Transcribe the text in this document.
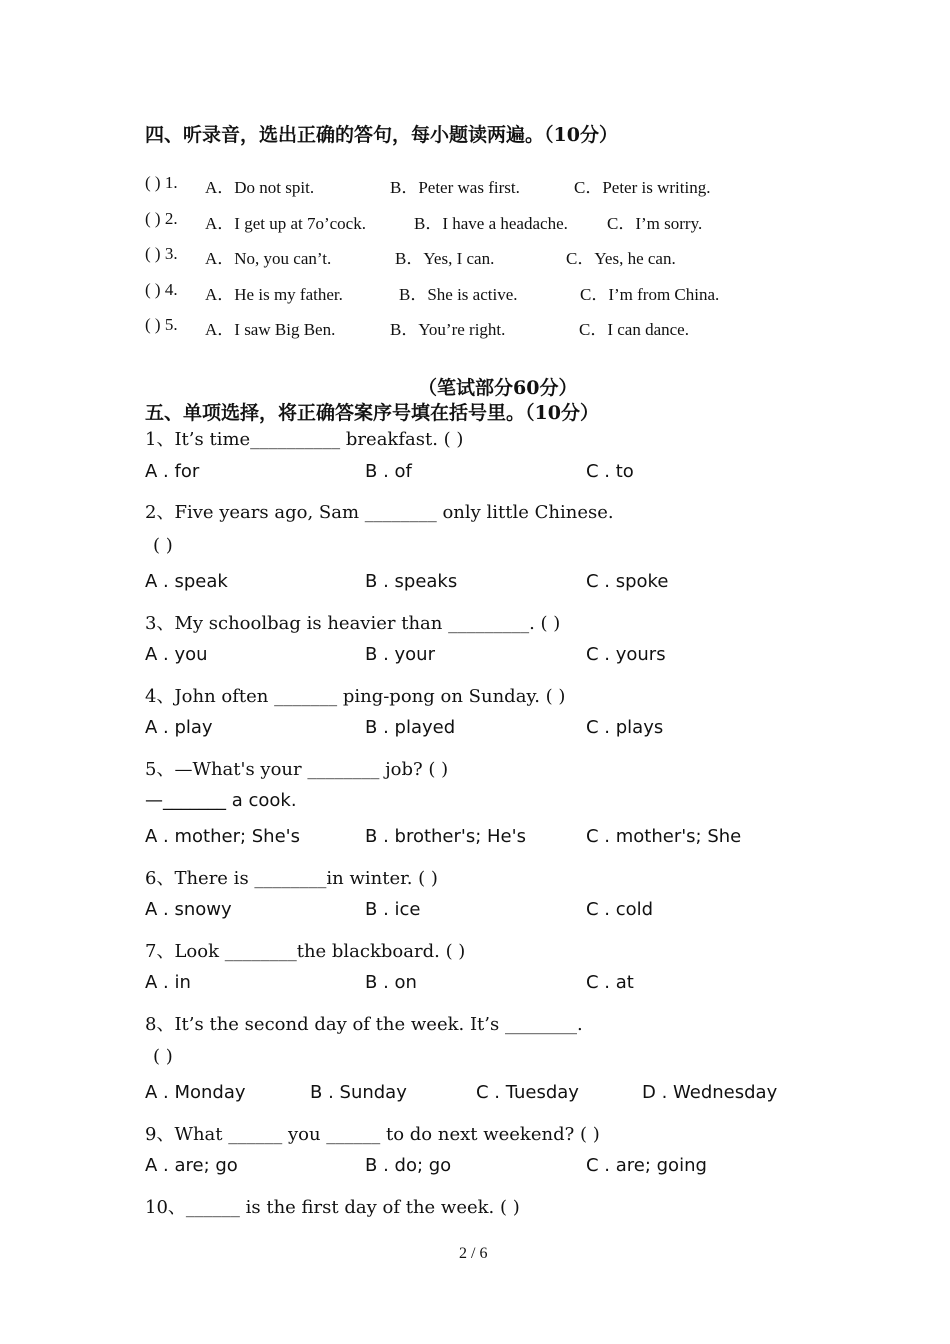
四、听录音，选出正确的答句，每小题读两遍。（10分）
( ) 1. A．Do not spit.	B．Peter was first.	C．Peter is writing.
( ) 2. A．I get up at 7o’cock.	B．I have a headache. C．I’m sorry.
( ) 3. A．No, you can’t.	B．Yes, I can.	C．Yes, he can.
( ) 4. A．He is my father.	B．She is active.	C．I’m from China.
( ) 5. A．I saw Big Ben.	B．You’re right.	C．I can dance.
（笔试部分60分）
五、单项选择，将正确答案序号填在括号里。（10分）
1、It’s time__________ breakfast. ( )
A . for	B . of	C . to
2、Five years ago, Sam ________ only little Chinese.
( )
A . speak	B . speaks	C . spoke
3、My schoolbag is heavier than _________. ( )
A . you	B . your	C . yours
4、John often _______ ping-pong on Sunday. ( )
A . play	B . played	C . plays
5、—What's your ________ job? ( )
—_______ a cook.
A . mother; She's	B . brother's; He's	C . mother's; She
6、There is ________in winter. ( )
A . snowy	B . ice	C . cold
7、Look ________the blackboard. ( )
A . in	B . on	C . at
8、It’s the second day of the week. It’s ________.
( )
A . Monday	B . Sunday	C . Tuesday	D . Wednesday
9、What ______ you ______ to do next weekend? ( )
A . are; go	B . do; go	C . are; going
10、______ is the first day of the week. ( )
2 / 6
